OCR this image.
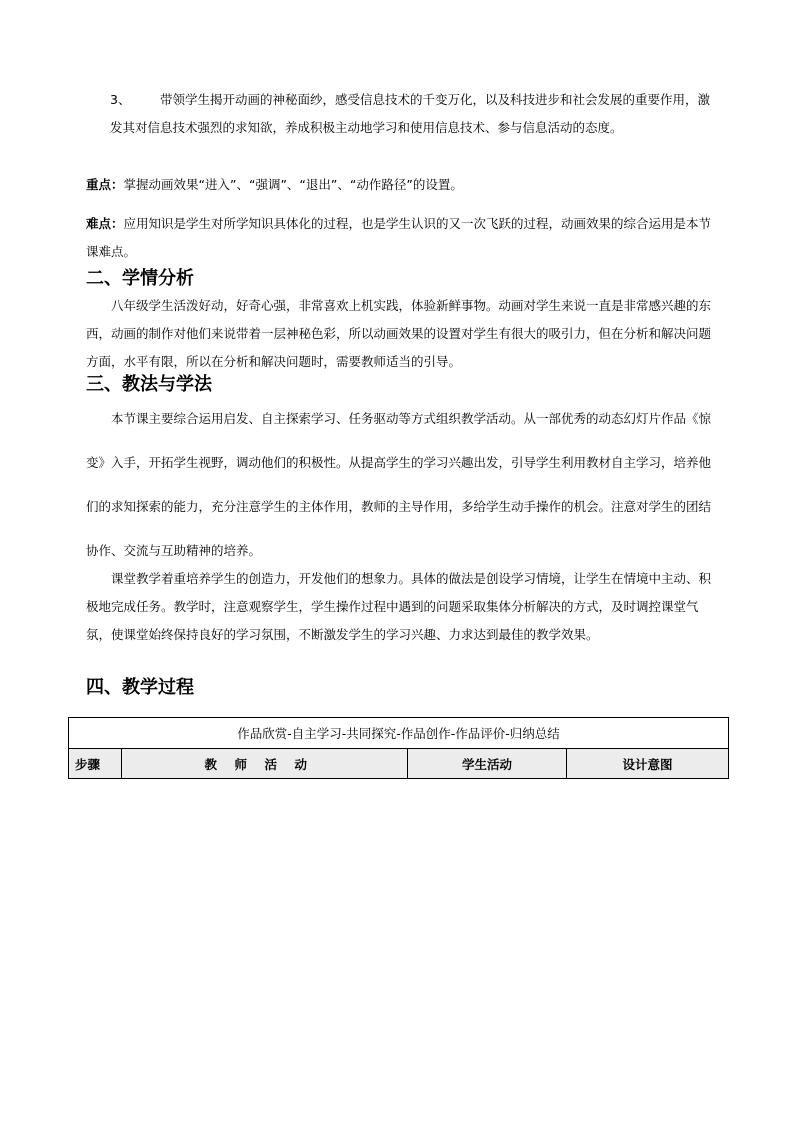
3、 带领学生揭开动画的神秘面纱，感受信息技术的千变万化，以及科技进步和社会发展的重要作用，激发其对信息技术强烈的求知欲，养成积极主动地学习和使用信息技术、参与信息活动的态度。

重点：掌握动画效果“进入”、“强调”、“退出”、“动作路径”的设置。

难点：应用知识是学生对所学知识具体化的过程，也是学生认识的又一次飞跃的过程，动画效果的综合运用是本节课难点。

二、学情分析

八年级学生活泼好动，好奇心强，非常喜欢上机实践，体验新鲜事物。动画对学生来说一直是非常感兴趣的东西，动画的制作对他们来说带着一层神秘色彩，所以动画效果的设置对学生有很大的吸引力，但在分析和解决问题方面，水平有限，所以在分析和解决问题时，需要教师适当的引导。

三、教法与学法

本节课主要综合运用启发、自主探索学习、任务驱动等方式组织教学活动。从一部优秀的动态幻灯片作品《惊变》入手，开拓学生视野，调动他们的积极性。从提高学生的学习兴趣出发，引导学生利用教材自主学习，培养他们的求知探索的能力，充分注意学生的主体作用，教师的主导作用，多给学生动手操作的机会。注意对学生的团结协作、交流与互助精神的培养。

课堂教学着重培养学生的创造力，开发他们的想象力。具体的做法是创设学习情境，让学生在情境中主动、积极地完成任务。教学时，注意观察学生，学生操作过程中遇到的问题采取集体分析解决的方式，及时调控课堂气氛，使课堂始终保持良好的学习氛围，不断激发学生的学习兴趣、力求达到最佳的教学效果。

四、教学过程
作品欣赏-自主学习-共同探究-作品创作-作品评价-归纳总结
步骤	教师活动	学生活动	设计意图
